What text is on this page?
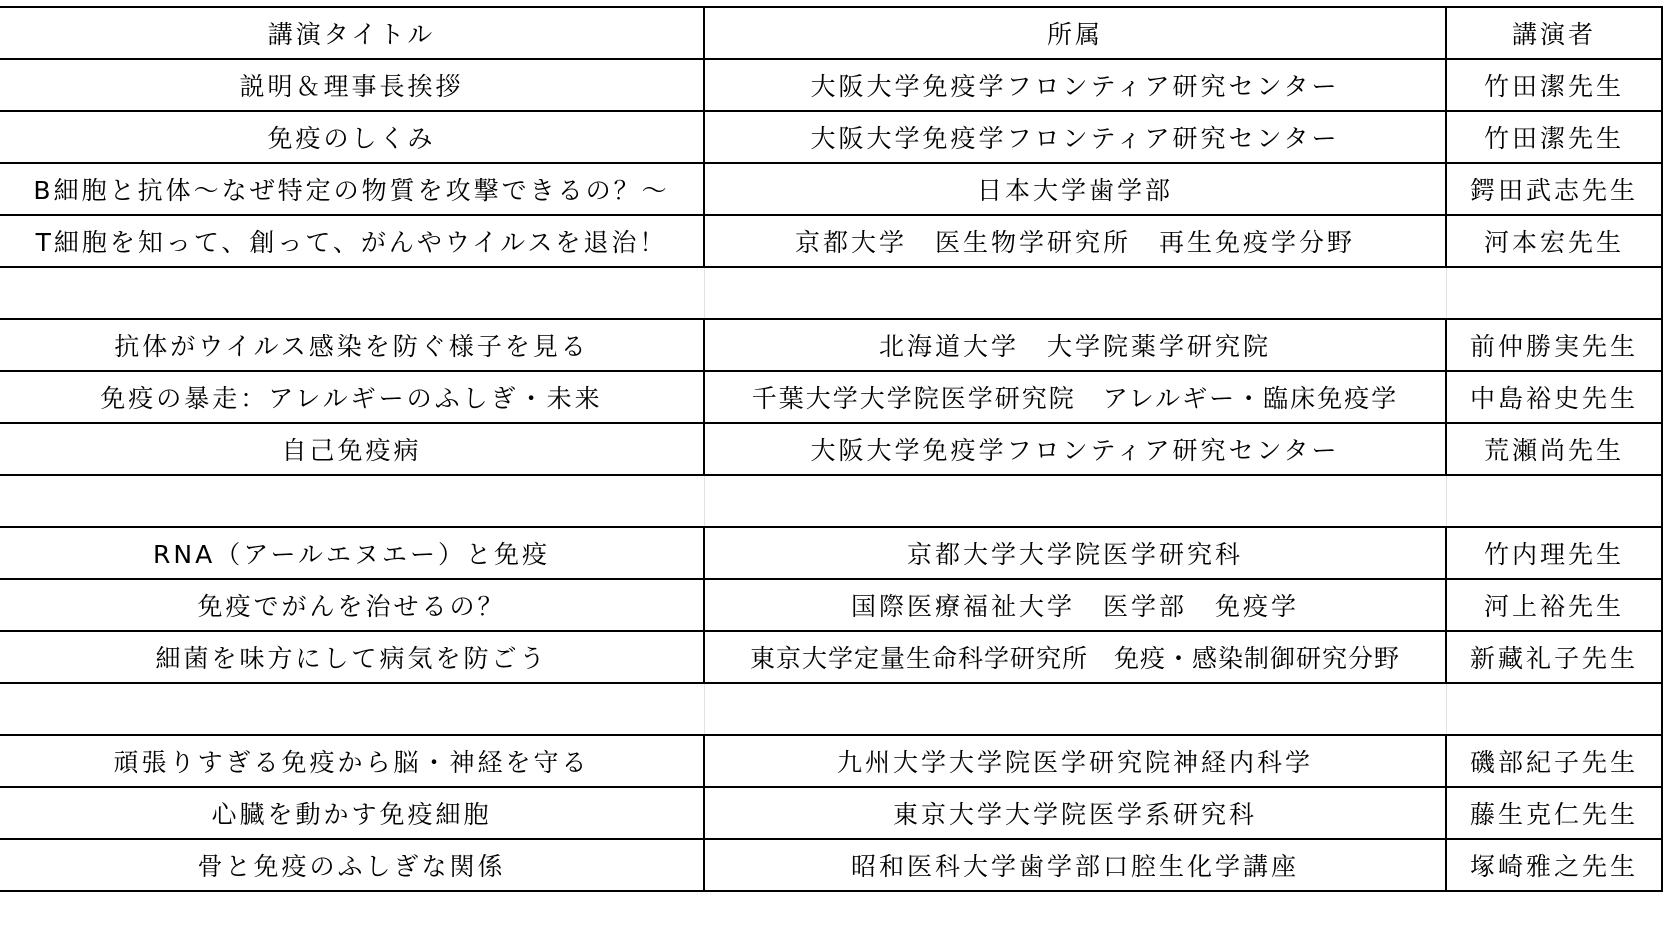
講演タイトル	所属	講演者
説明＆理事長挨拶	大阪大学免疫学フロンティア研究センター	竹田潔先生
免疫のしくみ	大阪大学免疫学フロンティア研究センター	竹田潔先生
B細胞と抗体～なぜ特定の物質を攻撃できるの？～	日本大学歯学部	鍔田武志先生
T細胞を知って、創って、がんやウイルスを退治！	京都大学　医生物学研究所　再生免疫学分野	河本宏先生

抗体がウイルス感染を防ぐ様子を見る	北海道大学　大学院薬学研究院	前仲勝実先生
免疫の暴走：アレルギーのふしぎ・未来	千葉大学大学院医学研究院　アレルギー・臨床免疫学	中島裕史先生
自己免疫病	大阪大学免疫学フロンティア研究センター	荒瀬尚先生

RNA（アールエヌエー）と免疫	京都大学大学院医学研究科	竹内理先生
免疫でがんを治せるの？	国際医療福祉大学　医学部　免疫学	河上裕先生
細菌を味方にして病気を防ごう	東京大学定量生命科学研究所　免疫・感染制御研究分野	新藏礼子先生

頑張りすぎる免疫から脳・神経を守る	九州大学大学院医学研究院神経内科学	磯部紀子先生
心臓を動かす免疫細胞	東京大学大学院医学系研究科	藤生克仁先生
骨と免疫のふしぎな関係	昭和医科大学歯学部口腔生化学講座	塚崎雅之先生
